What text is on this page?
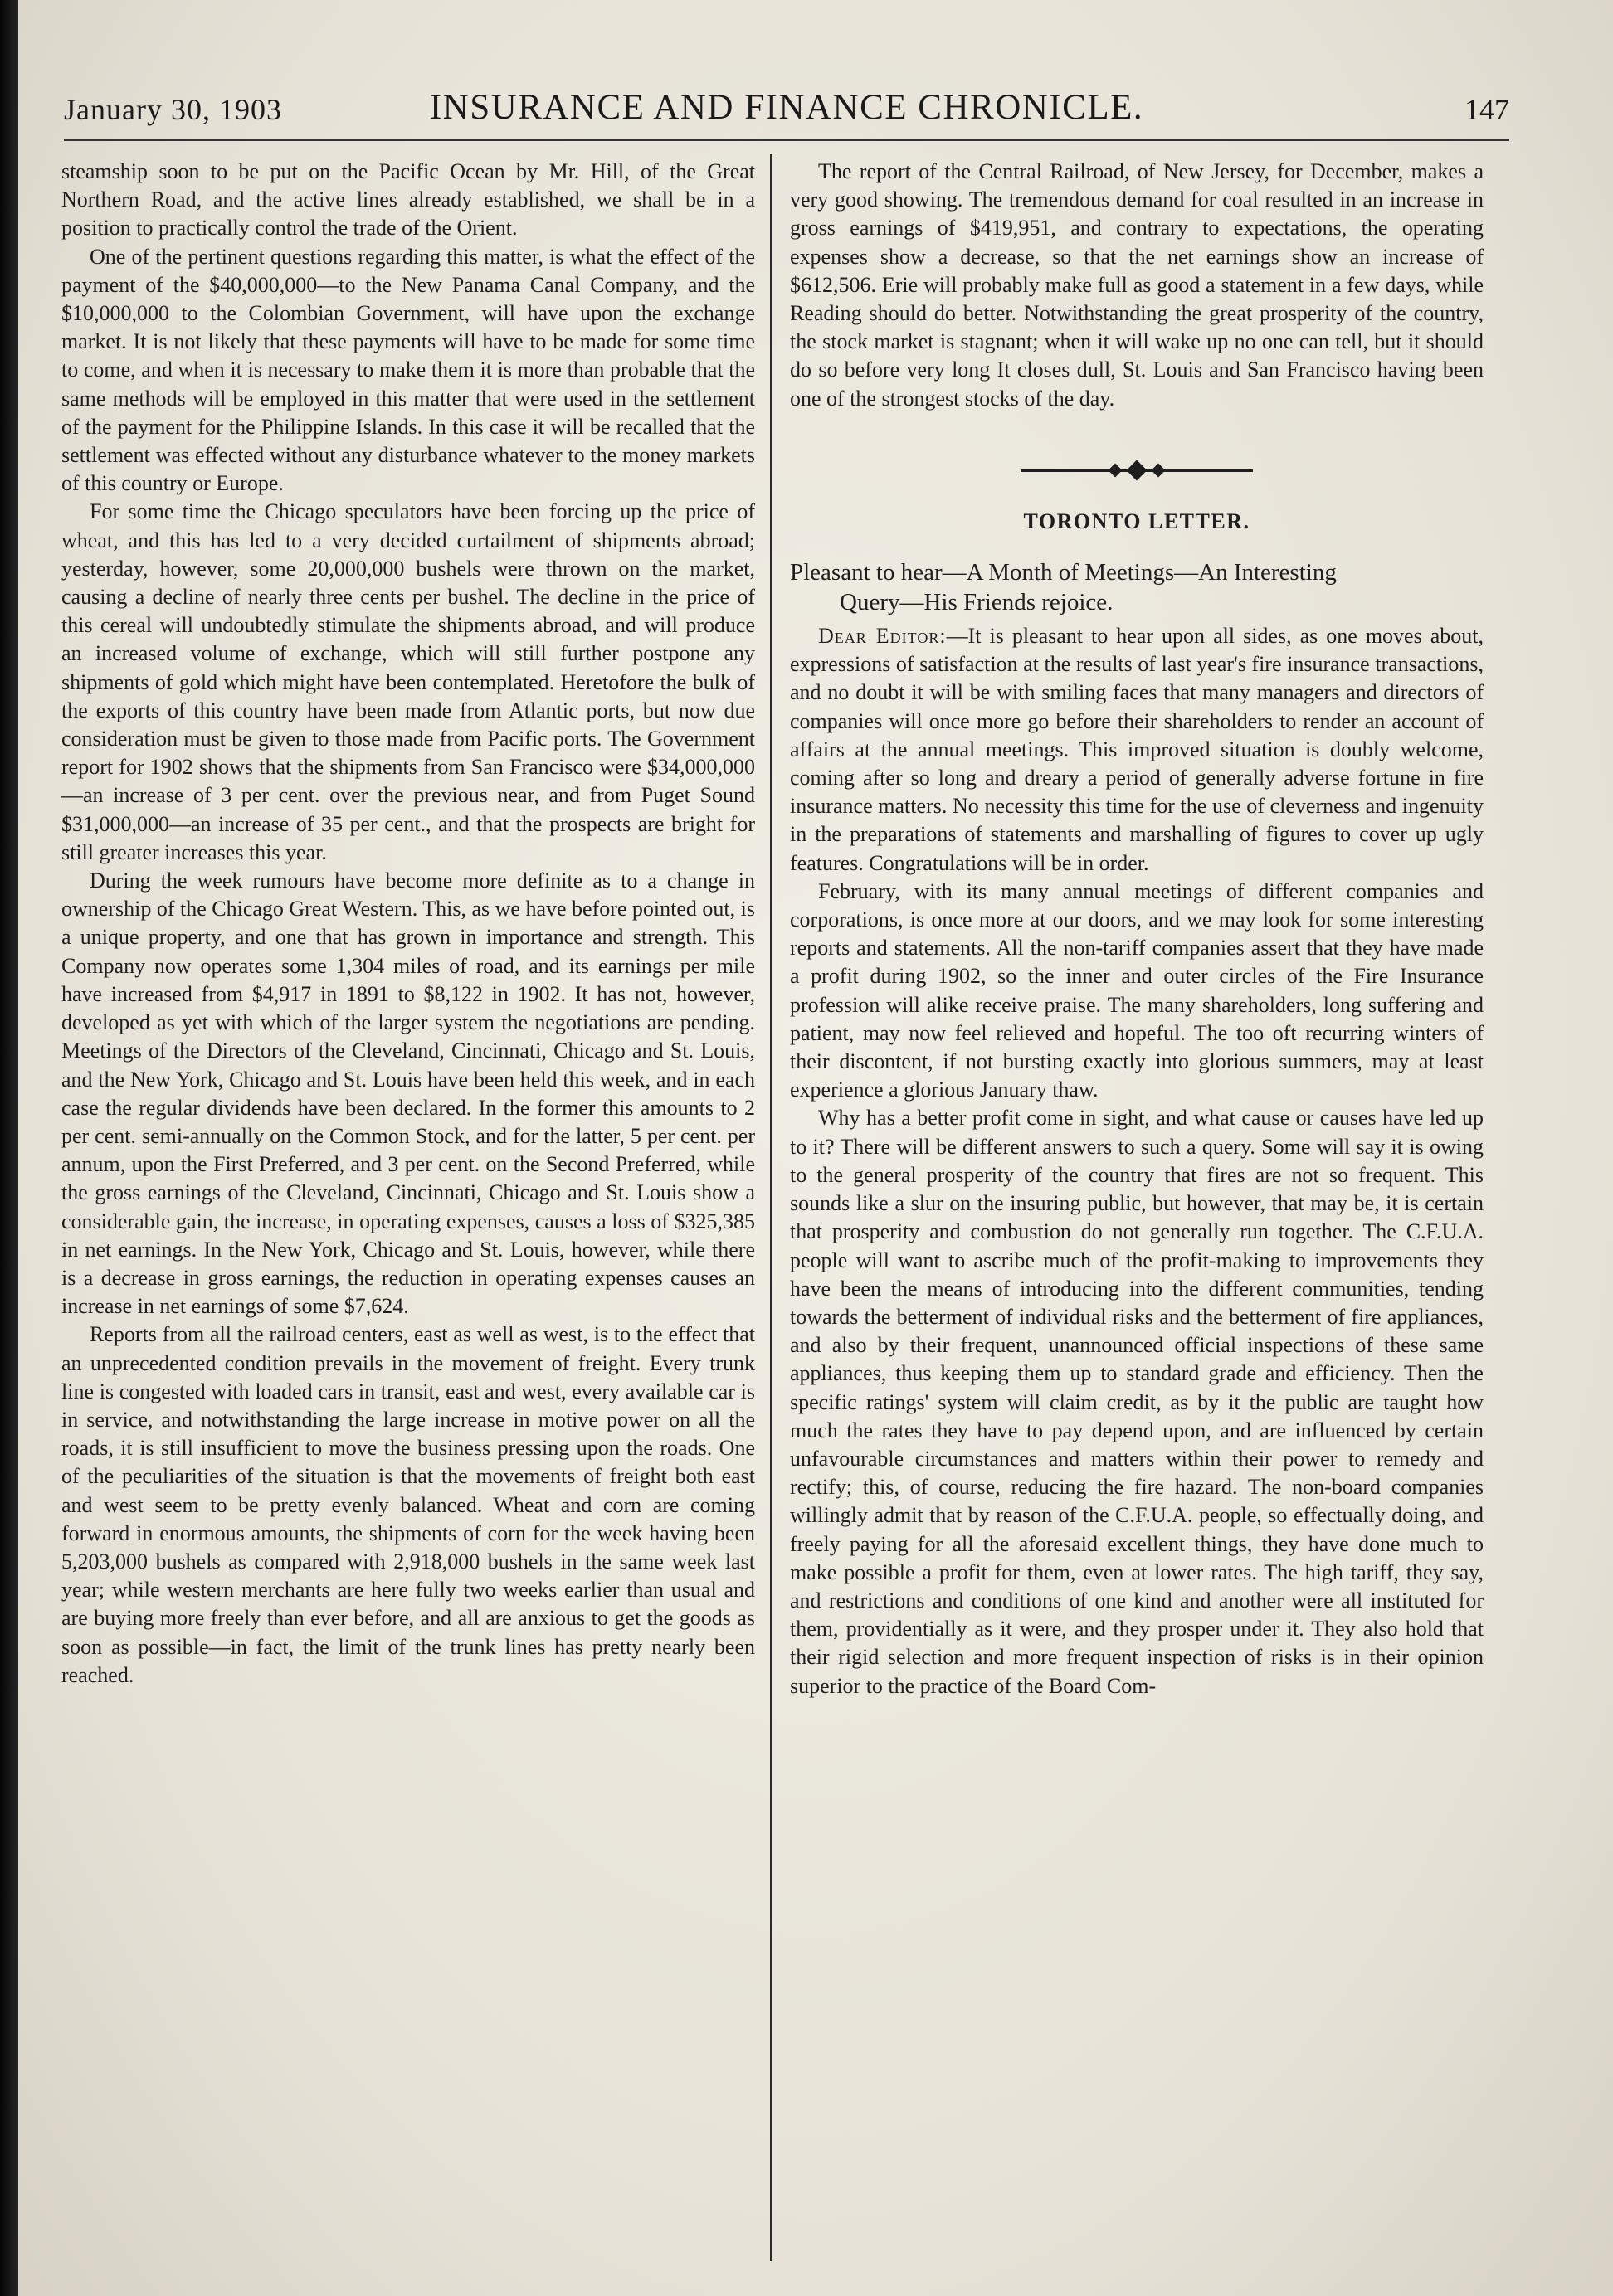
January 30, 1903	INSURANCE AND FINANCE CHRONICLE.	147

steamship soon to be put on the Pacific Ocean by Mr. Hill, of the Great Northern Road, and the active lines already established, we shall be in a position to practically control the trade of the Orient.

One of the pertinent questions regarding this matter, is what the effect of the payment of the $40,000,000—to the New Panama Canal Company, and the $10,000,000 to the Colombian Government, will have upon the exchange market. It is not likely that these payments will have to be made for some time to come, and when it is necessary to make them it is more than probable that the same methods will be employed in this matter that were used in the settlement of the payment for the Philippine Islands. In this case it will be recalled that the settlement was effected without any disturbance whatever to the money markets of this country or Europe.

For some time the Chicago speculators have been forcing up the price of wheat, and this has led to a very decided curtailment of shipments abroad; yesterday, however, some 20,000,000 bushels were thrown on the market, causing a decline of nearly three cents per bushel. The decline in the price of this cereal will undoubtedly stimulate the shipments abroad, and will produce an increased volume of exchange, which will still further postpone any shipments of gold which might have been contemplated. Heretofore the bulk of the exports of this country have been made from Atlantic ports, but now due consideration must be given to those made from Pacific ports. The Government report for 1902 shows that the shipments from San Francisco were $34,000,000—an increase of 3 per cent. over the previous near, and from Puget Sound $31,000,000—an increase of 35 per cent., and that the prospects are bright for still greater increases this year.

During the week rumours have become more definite as to a change in ownership of the Chicago Great Western. This, as we have before pointed out, is a unique property, and one that has grown in importance and strength. This Company now operates some 1,304 miles of road, and its earnings per mile have increased from $4,917 in 1891 to $8,122 in 1902. It has not, however, developed as yet with which of the larger system the negotiations are pending. Meetings of the Directors of the Cleveland, Cincinnati, Chicago and St. Louis, and the New York, Chicago and St. Louis have been held this week, and in each case the regular dividends have been declared. In the former this amounts to 2 per cent. semi-annually on the Common Stock, and for the latter, 5 per cent. per annum, upon the First Preferred, and 3 per cent. on the Second Preferred, while the gross earnings of the Cleveland, Cincinnati, Chicago and St. Louis show a considerable gain, the increase, in operating expenses, causes a loss of $325,385 in net earnings. In the New York, Chicago and St. Louis, however, while there is a decrease in gross earnings, the reduction in operating expenses causes an increase in net earnings of some $7,624.

Reports from all the railroad centers, east as well as west, is to the effect that an unprecedented condition prevails in the movement of freight. Every trunk line is congested with loaded cars in transit, east and west, every available car is in service, and notwithstanding the large increase in motive power on all the roads, it is still insufficient to move the business pressing upon the roads. One of the peculiarities of the situation is that the movements of freight both east and west seem to be pretty evenly balanced. Wheat and corn are coming forward in enormous amounts, the shipments of corn for the week having been 5,203,000 bushels as compared with 2,918,000 bushels in the same week last year; while western merchants are here fully two weeks earlier than usual and are buying more freely than ever before, and all are anxious to get the goods as soon as possible—in fact, the limit of the trunk lines has pretty nearly been reached.

The report of the Central Railroad, of New Jersey, for December, makes a very good showing. The tremendous demand for coal resulted in an increase in gross earnings of $419,951, and contrary to expectations, the operating expenses show a decrease, so that the net earnings show an increase of $612,506. Erie will probably make full as good a statement in a few days, while Reading should do better. Notwithstanding the great prosperity of the country, the stock market is stagnant; when it will wake up no one can tell, but it should do so before very long It closes dull, St. Louis and San Francisco having been one of the strongest stocks of the day.

TORONTO LETTER.
Pleasant to hear—A Month of Meetings—An Interesting
Query—His Friends rejoice.

Dear Editor:—It is pleasant to hear upon all sides, as one moves about, expressions of satisfaction at the results of last year's fire insurance transactions, and no doubt it will be with smiling faces that many managers and directors of companies will once more go before their shareholders to render an account of affairs at the annual meetings. This improved situation is doubly welcome, coming after so long and dreary a period of generally adverse fortune in fire insurance matters. No necessity this time for the use of cleverness and ingenuity in the preparations of statements and marshalling of figures to cover up ugly features. Congratulations will be in order.

February, with its many annual meetings of different companies and corporations, is once more at our doors, and we may look for some interesting reports and statements. All the non-tariff companies assert that they have made a profit during 1902, so the inner and outer circles of the Fire Insurance profession will alike receive praise. The many shareholders, long suffering and patient, may now feel relieved and hopeful. The too oft recurring winters of their discontent, if not bursting exactly into glorious summers, may at least experience a glorious January thaw.

Why has a better profit come in sight, and what cause or causes have led up to it? There will be different answers to such a query. Some will say it is owing to the general prosperity of the country that fires are not so frequent. This sounds like a slur on the insuring public, but however, that may be, it is certain that prosperity and combustion do not generally run together. The C.F.U.A. people will want to ascribe much of the profit-making to improvements they have been the means of introducing into the different communities, tending towards the betterment of individual risks and the betterment of fire appliances, and also by their frequent, unannounced official inspections of these same appliances, thus keeping them up to standard grade and efficiency. Then the specific ratings' system will claim credit, as by it the public are taught how much the rates they have to pay depend upon, and are influenced by certain unfavourable circumstances and matters within their power to remedy and rectify; this, of course, reducing the fire hazard. The non-board companies willingly admit that by reason of the C.F.U.A. people, so effectually doing, and freely paying for all the aforesaid excellent things, they have done much to make possible a profit for them, even at lower rates. The high tariff, they say, and restrictions and conditions of one kind and another were all instituted for them, providentially as it were, and they prosper under it. They also hold that their rigid selection and more frequent inspection of risks is in their opinion superior to the practice of the Board Com-
